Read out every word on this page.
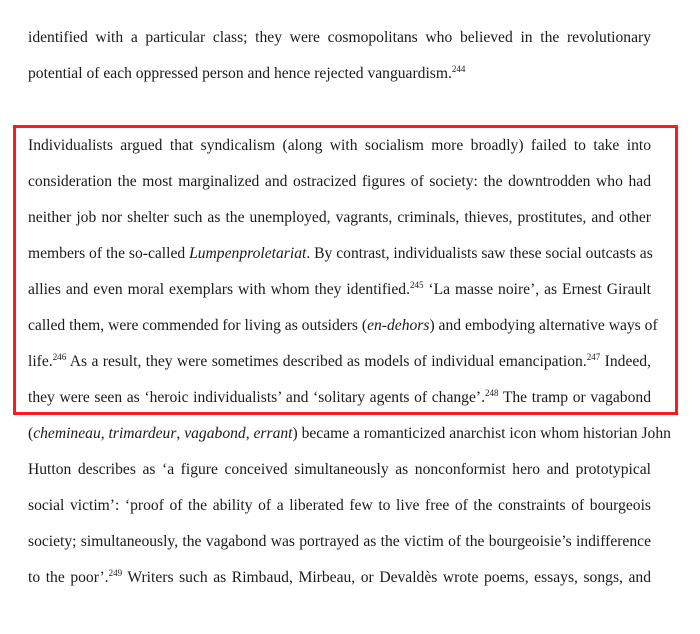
identified with a particular class; they were cosmopolitans who believed in the revolutionary
potential of each oppressed person and hence rejected vanguardism.$^{244}$
Individualists argued that syndicalism (along with socialism more broadly) failed to take into
consideration the most marginalized and ostracized figures of society: the downtrodden who had
neither job nor shelter such as the unemployed, vagrants, criminals, thieves, prostitutes, and other
members of the so-called Lumpenproletariat. By contrast, individualists saw these social outcasts as
allies and even moral exemplars with whom they identified.$^{245}$ ‘La masse noire’, as Ernest Girault
called them, were commended for living as outsiders (en-dehors) and embodying alternative ways of
life.$^{246}$ As a result, they were sometimes described as models of individual emancipation.$^{247}$ Indeed,
they were seen as ‘heroic individualists’ and ‘solitary agents of change’.$^{248}$ The tramp or vagabond
(chemineau, trimardeur, vagabond, errant) became a romanticized anarchist icon whom historian John
Hutton describes as ‘a figure conceived simultaneously as nonconformist hero and prototypical
social victim’: ‘proof of the ability of a liberated few to live free of the constraints of bourgeois
society; simultaneously, the vagabond was portrayed as the victim of the bourgeoisie’s indifference
to the poor’.$^{249}$ Writers such as Rimbaud, Mirbeau, or Devaldès wrote poems, essays, songs, and
